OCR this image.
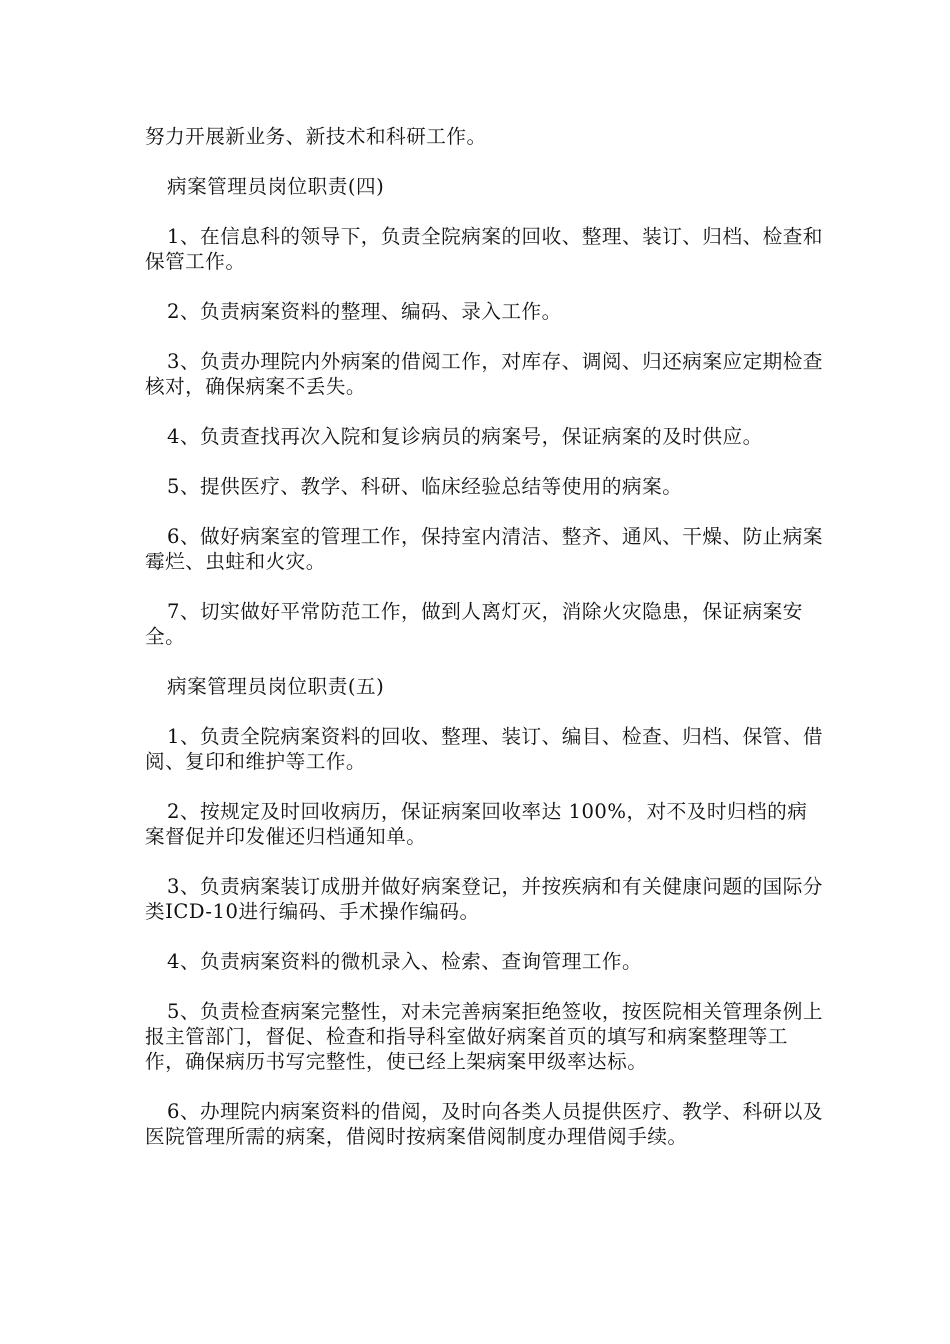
努力开展新业务、新技术和科研工作。

病案管理员岗位职责(四)

1、在信息科的领导下，负责全院病案的回收、整理、装订、归档、检查和保管工作。

2、负责病案资料的整理、编码、录入工作。

3、负责办理院内外病案的借阅工作，对库存、调阅、归还病案应定期检查核对，确保病案不丢失。

4、负责查找再次入院和复诊病员的病案号，保证病案的及时供应。

5、提供医疗、教学、科研、临床经验总结等使用的病案。

6、做好病案室的管理工作，保持室内清洁、整齐、通风、干燥、防止病案霉烂、虫蛀和火灾。

7、切实做好平常防范工作，做到人离灯灭，消除火灾隐患，保证病案安全。

病案管理员岗位职责(五)

1、负责全院病案资料的回收、整理、装订、编目、检查、归档、保管、借阅、复印和维护等工作。

2、按规定及时回收病历，保证病案回收率达 100%，对不及时归档的病案督促并印发催还归档通知单。

3、负责病案装订成册并做好病案登记，并按疾病和有关健康问题的国际分类ICD-10进行编码、手术操作编码。

4、负责病案资料的微机录入、检索、查询管理工作。

5、负责检查病案完整性，对未完善病案拒绝签收，按医院相关管理条例上报主管部门，督促、检查和指导科室做好病案首页的填写和病案整理等工作，确保病历书写完整性，使已经上架病案甲级率达标。

6、办理院内病案资料的借阅，及时向各类人员提供医疗、教学、科研以及医院管理所需的病案，借阅时按病案借阅制度办理借阅手续。
